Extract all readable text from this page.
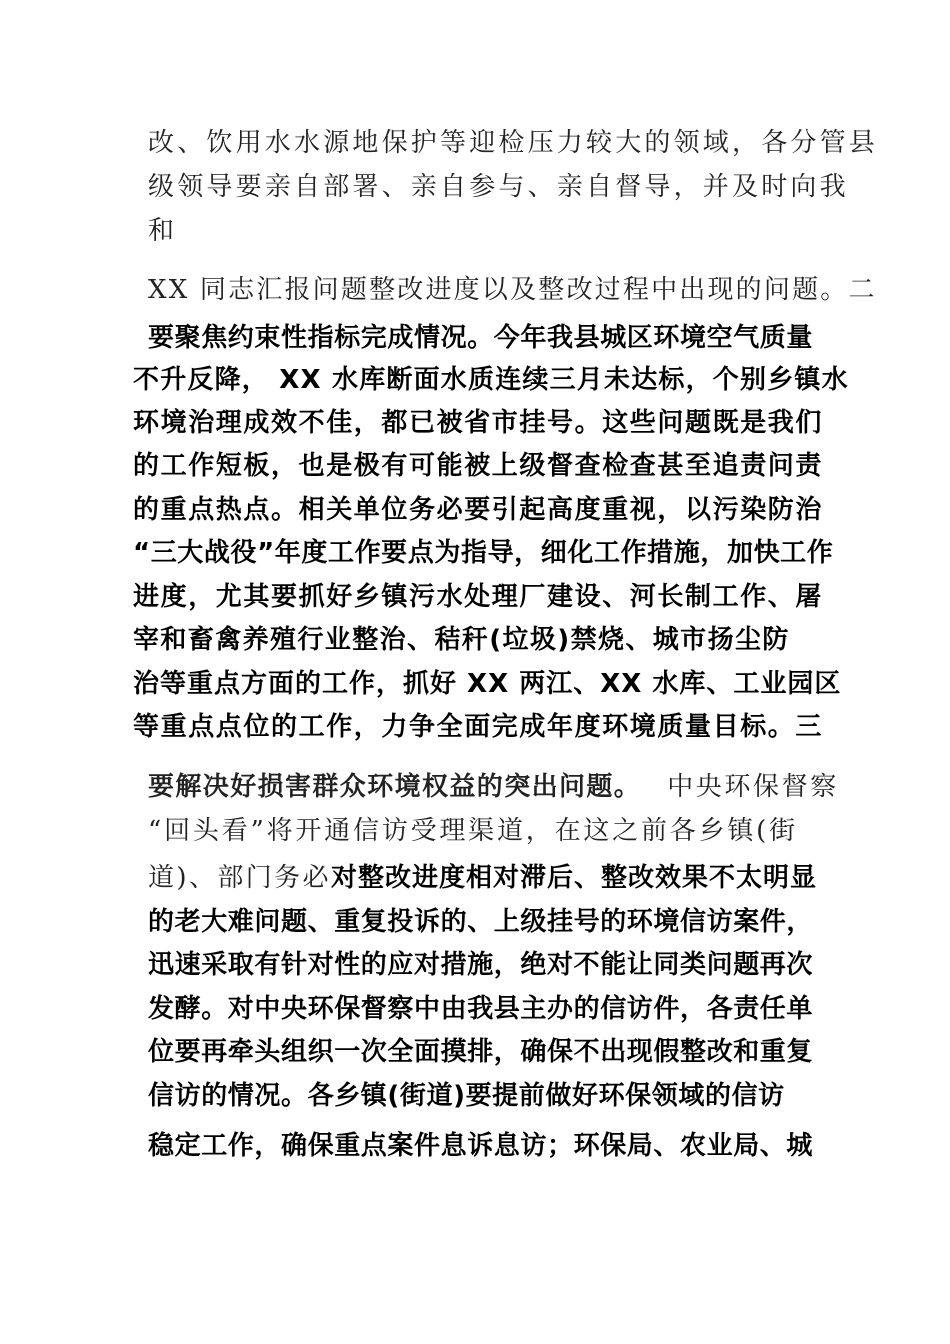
改、饮用水水源地保护等迎检压力较大的领域，各分管县
级领导要亲自部署、亲自参与、亲自督导，并及时向我
和
XX 同志汇报问题整改进度以及整改过程中出现的问题。二
要聚焦约束性指标完成情况。今年我县城区环境空气质量
不升反降， XX 水库断面水质连续三月未达标，个别乡镇水
环境治理成效不佳，都已被省市挂号。这些问题既是我们
的工作短板，也是极有可能被上级督查检查甚至追责问责
的重点热点。相关单位务必要引起高度重视，以污染防治
“三大战役”年度工作要点为指导，细化工作措施，加快工作
进度，尤其要抓好乡镇污水处理厂建设、河长制工作、屠
宰和畜禽养殖行业整治、秸秆(垃圾)禁烧、城市扬尘防
治等重点方面的工作，抓好 XX 两江、XX 水库、工业园区
等重点点位的工作，力争全面完成年度环境质量目标。三
要解决好损害群众环境权益的突出问题。 中央环保督察
“回头看”将开通信访受理渠道，在这之前各乡镇(街
道)、部门务必对整改进度相对滞后、整改效果不太明显
的老大难问题、重复投诉的、上级挂号的环境信访案件，
迅速采取有针对性的应对措施，绝对不能让同类问题再次
发酵。对中央环保督察中由我县主办的信访件，各责任单
位要再牵头组织一次全面摸排，确保不出现假整改和重复
信访的情况。各乡镇(街道)要提前做好环保领域的信访
稳定工作，确保重点案件息诉息访；环保局、农业局、城
